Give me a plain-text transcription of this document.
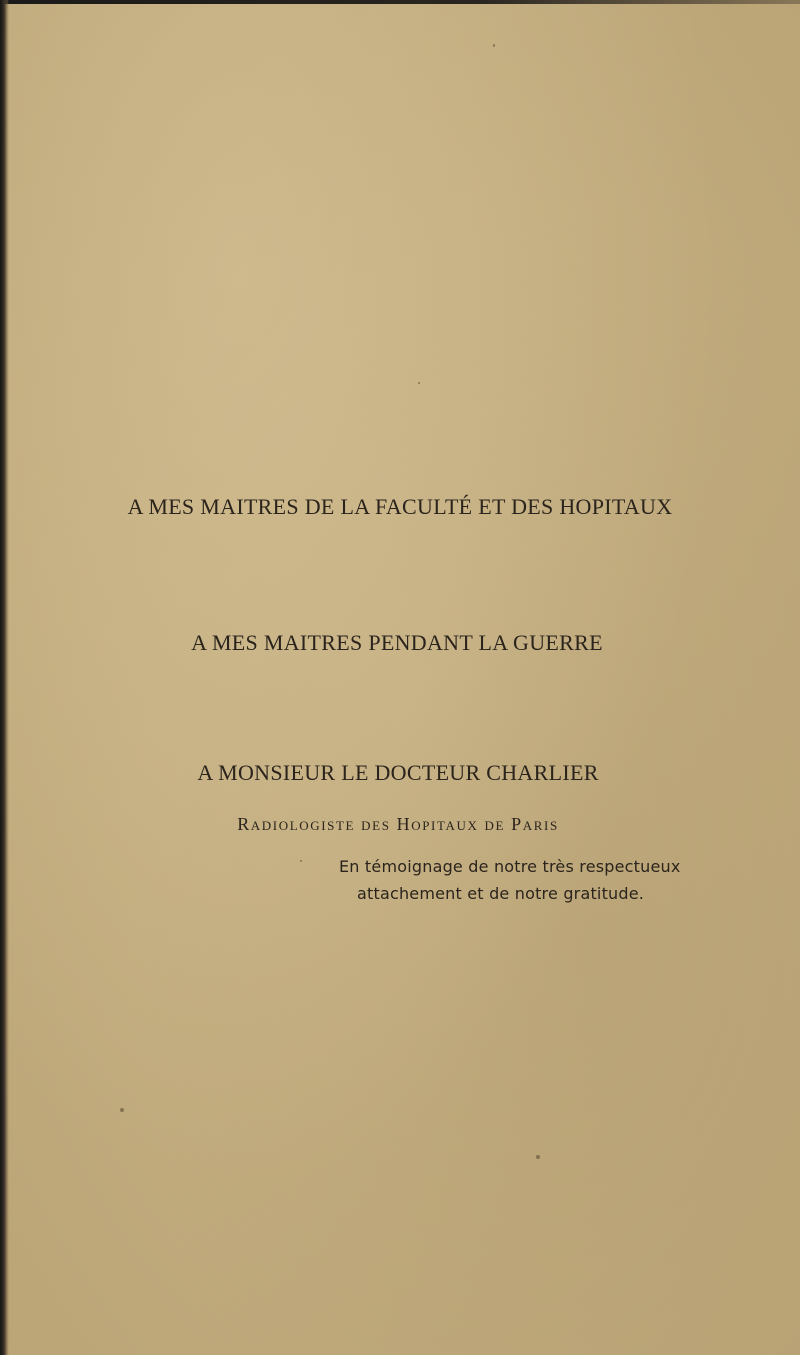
A MES MAITRES DE LA FACULTÉ ET DES HOPITAUX

A MES MAITRES PENDANT LA GUERRE

A MONSIEUR LE DOCTEUR CHARLIER

Radiologiste des Hopitaux de Paris

En témoignage de notre très respectueux

attachement et de notre gratitude.
